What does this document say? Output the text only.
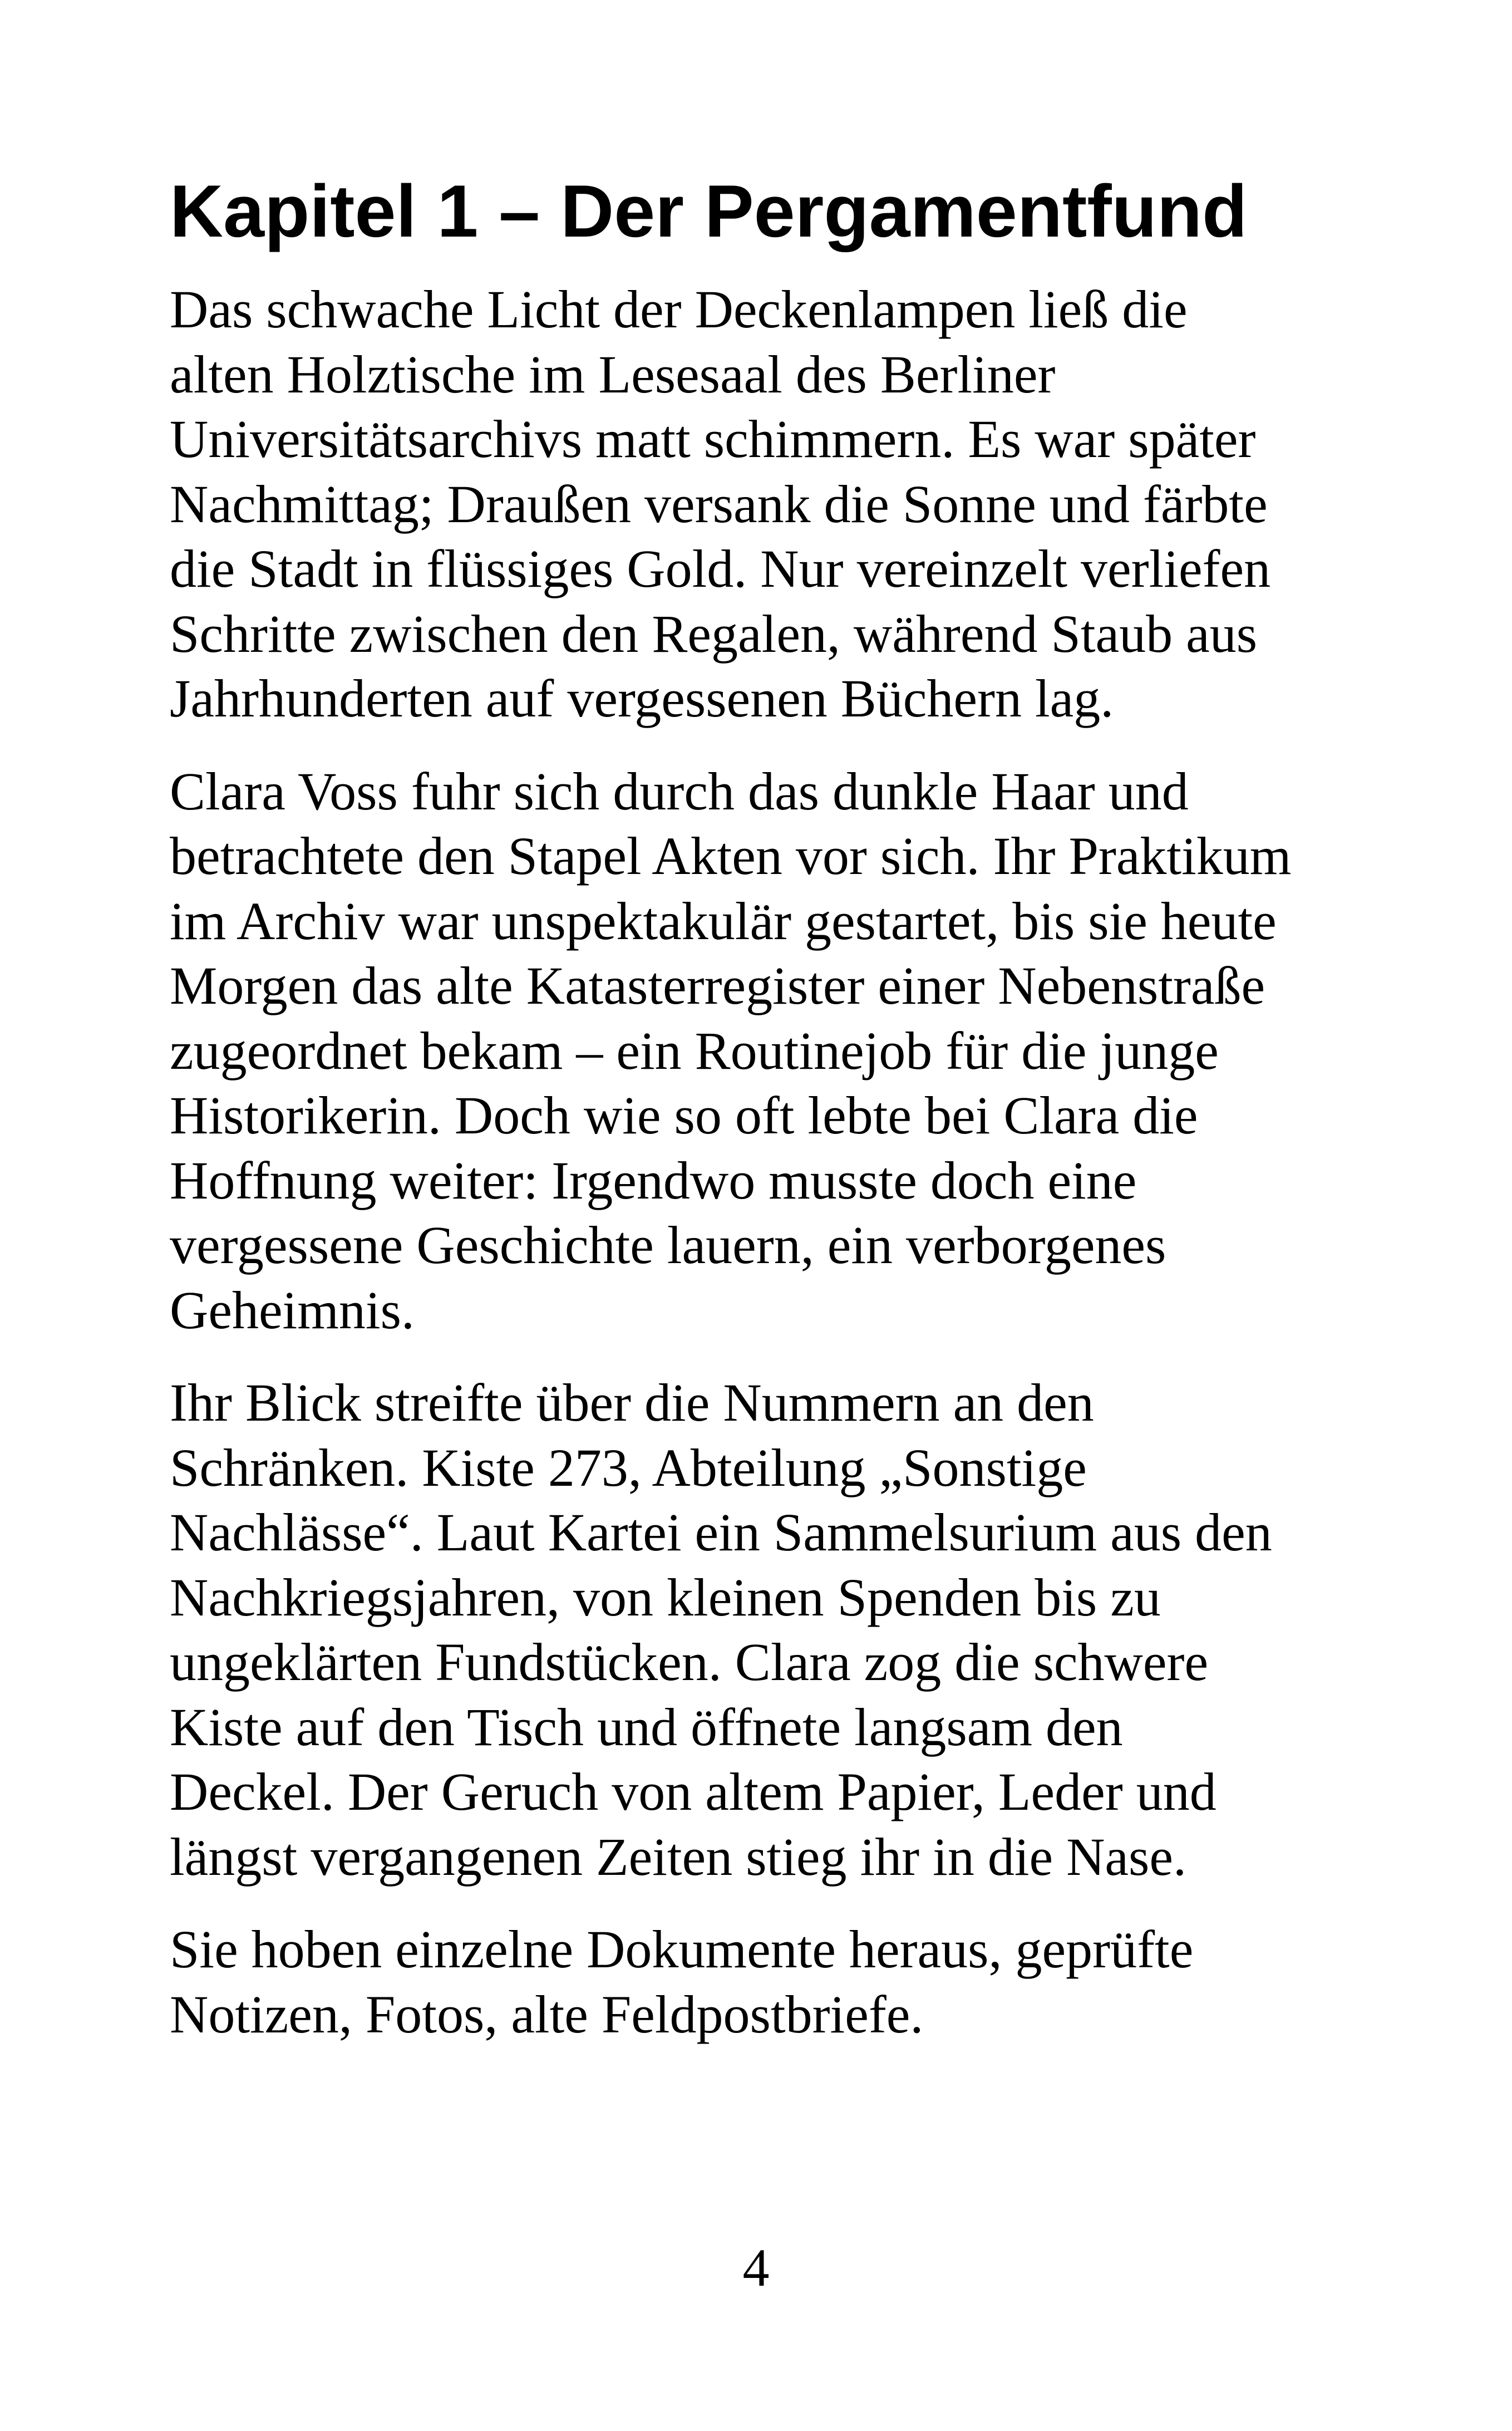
Kapitel 1 – Der Pergamentfund

Das schwache Licht der Deckenlampen ließ die
alten Holztische im Lesesaal des Berliner
Universitätsarchivs matt schimmern. Es war später
Nachmittag; Draußen versank die Sonne und färbte
die Stadt in flüssiges Gold. Nur vereinzelt verliefen
Schritte zwischen den Regalen, während Staub aus
Jahrhunderten auf vergessenen Büchern lag.

Clara Voss fuhr sich durch das dunkle Haar und
betrachtete den Stapel Akten vor sich. Ihr Praktikum
im Archiv war unspektakulär gestartet, bis sie heute
Morgen das alte Katasterregister einer Nebenstraße
zugeordnet bekam – ein Routinejob für die junge
Historikerin. Doch wie so oft lebte bei Clara die
Hoffnung weiter: Irgendwo musste doch eine
vergessene Geschichte lauern, ein verborgenes
Geheimnis.

Ihr Blick streifte über die Nummern an den
Schränken. Kiste 273, Abteilung „Sonstige
Nachlässe“. Laut Kartei ein Sammelsurium aus den
Nachkriegsjahren, von kleinen Spenden bis zu
ungeklärten Fundstücken. Clara zog die schwere
Kiste auf den Tisch und öffnete langsam den
Deckel. Der Geruch von altem Papier, Leder und
längst vergangenen Zeiten stieg ihr in die Nase.

Sie hoben einzelne Dokumente heraus, geprüfte
Notizen, Fotos, alte Feldpostbriefe.

4
